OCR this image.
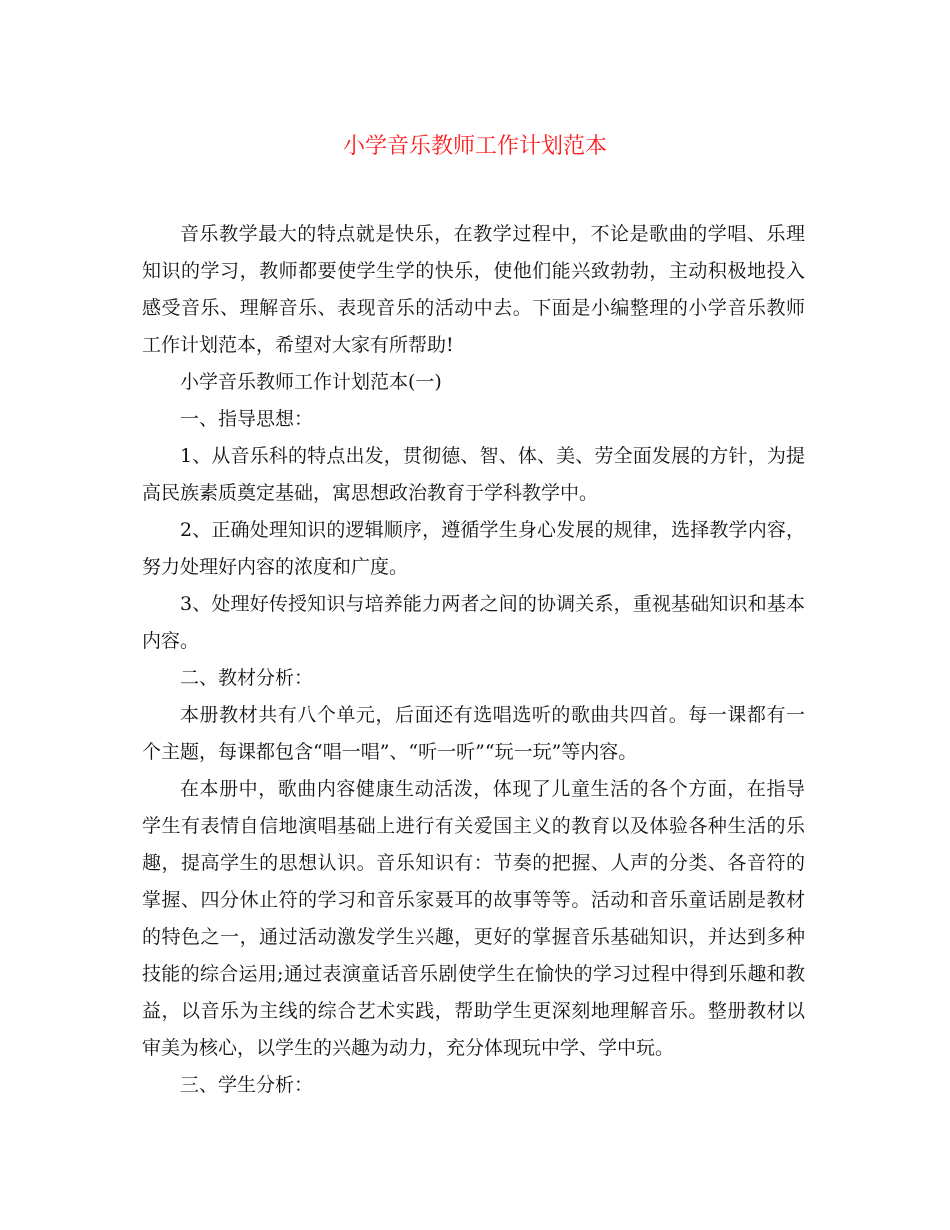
小学音乐教师工作计划范本

音乐教学最大的特点就是快乐，在教学过程中，不论是歌曲的学唱、乐理知识的学习，教师都要使学生学的快乐，使他们能兴致勃勃，主动积极地投入感受音乐、理解音乐、表现音乐的活动中去。下面是小编整理的小学音乐教师工作计划范本，希望对大家有所帮助!

小学音乐教师工作计划范本(一)

一、指导思想：

1、从音乐科的特点出发，贯彻德、智、体、美、劳全面发展的方针，为提高民族素质奠定基础，寓思想政治教育于学科教学中。

2、正确处理知识的逻辑顺序，遵循学生身心发展的规律，选择教学内容，努力处理好内容的浓度和广度。

3、处理好传授知识与培养能力两者之间的协调关系，重视基础知识和基本内容。

二、教材分析：

本册教材共有八个单元，后面还有选唱选听的歌曲共四首。每一课都有一个主题，每课都包含“唱一唱”、“听一听”“玩一玩”等内容。

在本册中，歌曲内容健康生动活泼，体现了儿童生活的各个方面，在指导学生有表情自信地演唱基础上进行有关爱国主义的教育以及体验各种生活的乐趣，提高学生的思想认识。音乐知识有：节奏的把握、人声的分类、各音符的掌握、四分休止符的学习和音乐家聂耳的故事等等。活动和音乐童话剧是教材的特色之一，通过活动激发学生兴趣，更好的掌握音乐基础知识，并达到多种技能的综合运用;通过表演童话音乐剧使学生在愉快的学习过程中得到乐趣和教益，以音乐为主线的综合艺术实践，帮助学生更深刻地理解音乐。整册教材以审美为核心，以学生的兴趣为动力，充分体现玩中学、学中玩。

三、学生分析：
